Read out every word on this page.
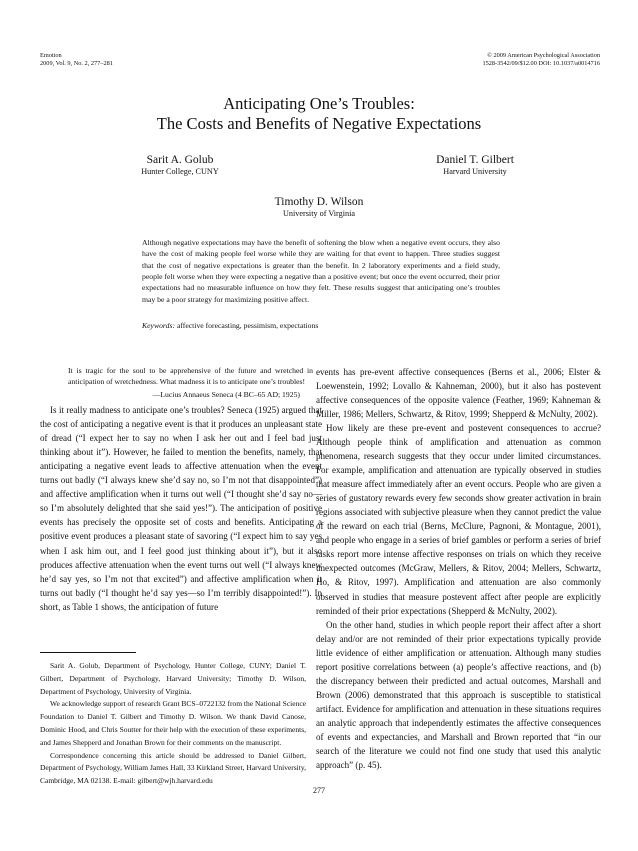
Emotion
2009, Vol. 9, No. 2, 277–281
© 2009 American Psychological Association
1528-3542/09/$12.00 DOI: 10.1037/a0014716
Anticipating One’s Troubles:
The Costs and Benefits of Negative Expectations
Sarit A. Golub
Hunter College, CUNY
Daniel T. Gilbert
Harvard University
Timothy D. Wilson
University of Virginia
Although negative expectations may have the benefit of softening the blow when a negative event occurs, they also have the cost of making people feel worse while they are waiting for that event to happen. Three studies suggest that the cost of negative expectations is greater than the benefit. In 2 laboratory experiments and a field study, people felt worse when they were expecting a negative than a positive event; but once the event occurred, their prior expectations had no measurable influence on how they felt. These results suggest that anticipating one’s troubles may be a poor strategy for maximizing positive affect.
Keywords: affective forecasting, pessimism, expectations

It is tragic for the soul to be apprehensive of the future and wretched in anticipation of wretchedness. What madness it is to anticipate one’s troubles!

—Lucius Annaeus Seneca (4 BC–65 AD; 1925)

Is it really madness to anticipate one’s troubles? Seneca (1925) argued that the cost of anticipating a negative event is that it produces an unpleasant state of dread (“I expect her to say no when I ask her out and I feel bad just thinking about it”). However, he failed to mention the benefits, namely, that anticipating a negative event leads to affective attenuation when the event turns out badly (“I always knew she’d say no, so I’m not that disappointed”) and affective amplification when it turns out well (“I thought she’d say no—so I’m absolutely delighted that she said yes!”). The anticipation of positive events has precisely the opposite set of costs and benefits. Anticipating a positive event produces a pleasant state of savoring (“I expect him to say yes when I ask him out, and I feel good just thinking about it”), but it also produces affective attenuation when the event turns out well (“I always knew he’d say yes, so I’m not that excited”) and affective amplification when it turns out badly (“I thought he’d say yes—so I’m terribly disappointed!”). In short, as Table 1 shows, the anticipation of future

events has pre-event affective consequences (Berns et al., 2006; Elster & Loewenstein, 1992; Lovallo & Kahneman, 2000), but it also has postevent affective consequences of the opposite valence (Feather, 1969; Kahneman & Miller, 1986; Mellers, Schwartz, & Ritov, 1999; Shepperd & McNulty, 2002).

How likely are these pre-event and postevent consequences to accrue? Although people think of amplification and attenuation as common phenomena, research suggests that they occur under limited circumstances. For example, amplification and attenuation are typically observed in studies that measure affect immediately after an event occurs. People who are given a series of gustatory rewards every few seconds show greater activation in brain regions associated with subjective pleasure when they cannot predict the value of the reward on each trial (Berns, McClure, Pagnoni, & Montague, 2001), and people who engage in a series of brief gambles or perform a series of brief tasks report more intense affective responses on trials on which they receive unexpected outcomes (McGraw, Mellers, & Ritov, 2004; Mellers, Schwartz, Ho, & Ritov, 1997). Amplification and attenuation are also commonly observed in studies that measure postevent affect after people are explicitly reminded of their prior expectations (Shepperd & McNulty, 2002).

On the other hand, studies in which people report their affect after a short delay and/or are not reminded of their prior expectations typically provide little evidence of either amplification or attenuation. Although many studies report positive correlations between (a) people’s affective reactions, and (b) the discrepancy between their predicted and actual outcomes, Marshall and Brown (2006) demonstrated that this approach is susceptible to statistical artifact. Evidence for amplification and attenuation in these situations requires an analytic approach that independently estimates the affective consequences of events and expectancies, and Marshall and Brown reported that “in our search of the literature we could not find one study that used this analytic approach” (p. 45).

Sarit A. Golub, Department of Psychology, Hunter College, CUNY; Daniel T. Gilbert, Department of Psychology, Harvard University; Timothy D. Wilson, Department of Psychology, University of Virginia.

We acknowledge support of research Grant BCS–0722132 from the National Science Foundation to Daniel T. Gilbert and Timothy D. Wilson. We thank David Canose, Dominic Hood, and Chris Soutter for their help with the execution of these experiments, and James Shepperd and Jonathan Brown for their comments on the manuscript.

Correspondence concerning this article should be addressed to Daniel Gilbert, Department of Psychology, William James Hall, 33 Kirkland Street, Harvard University, Cambridge, MA 02138. E-mail: gilbert@wjh.harvard.edu

277
